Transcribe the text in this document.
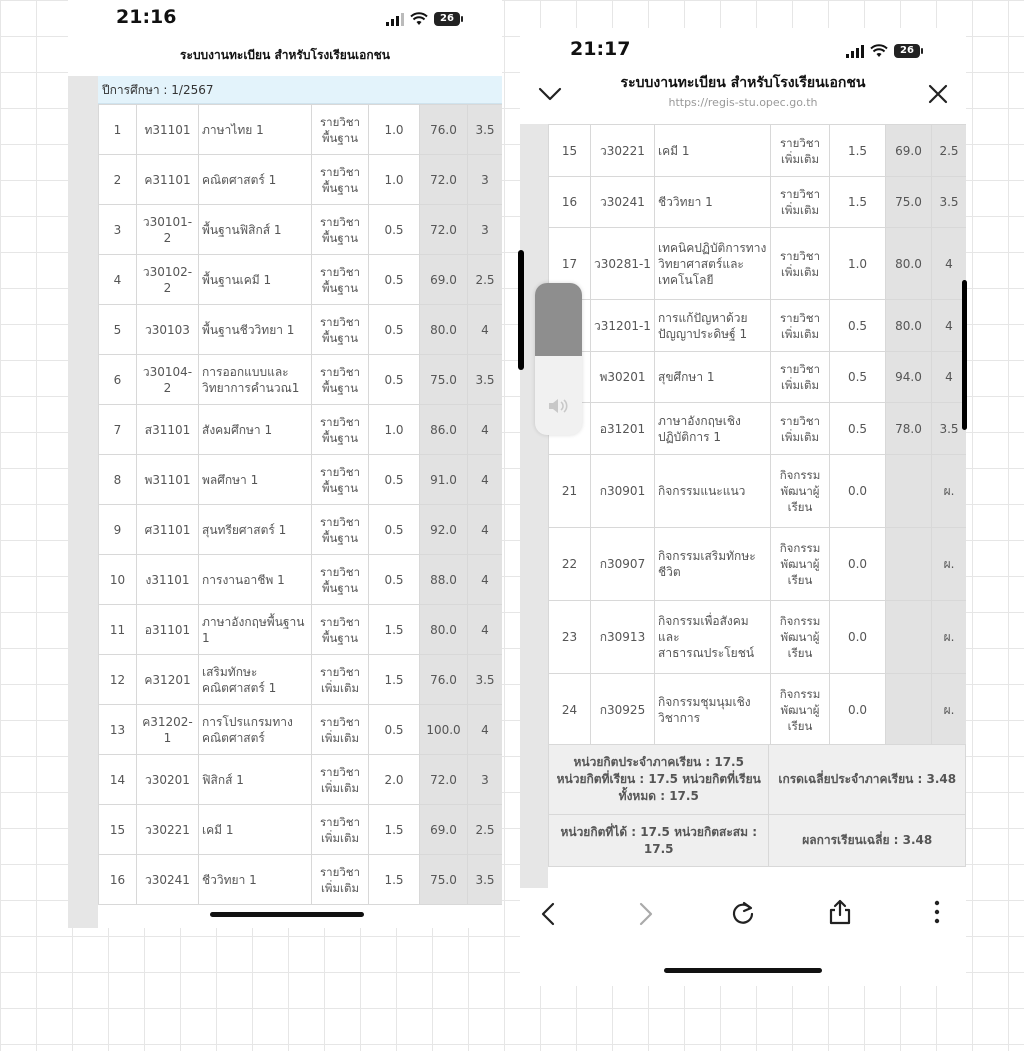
21:16	26
ระบบงานทะเบียน สำหรับโรงเรียนเอกชน
ปีการศึกษา : 1/2567
1	ท31101	ภาษาไทย 1	รายวิชาพื้นฐาน	1.0	76.0	3.5
2	ค31101	คณิตศาสตร์ 1	รายวิชาพื้นฐาน	1.0	72.0	3
3	ว30101-2	พื้นฐานฟิสิกส์ 1	รายวิชาพื้นฐาน	0.5	72.0	3
4	ว30102-2	พื้นฐานเคมี 1	รายวิชาพื้นฐาน	0.5	69.0	2.5
5	ว30103	พื้นฐานชีววิทยา 1	รายวิชาพื้นฐาน	0.5	80.0	4
6	ว30104-2	การออกแบบและวิทยาการคำนวณ1	รายวิชาพื้นฐาน	0.5	75.0	3.5
7	ส31101	สังคมศึกษา 1	รายวิชาพื้นฐาน	1.0	86.0	4
8	พ31101	พลศึกษา 1	รายวิชาพื้นฐาน	0.5	91.0	4
9	ศ31101	สุนทรียศาสตร์ 1	รายวิชาพื้นฐาน	0.5	92.0	4
10	ง31101	การงานอาชีพ 1	รายวิชาพื้นฐาน	0.5	88.0	4
11	อ31101	ภาษาอังกฤษพื้นฐาน 1	รายวิชาพื้นฐาน	1.5	80.0	4
12	ค31201	เสริมทักษะคณิตศาสตร์ 1	รายวิชาเพิ่มเติม	1.5	76.0	3.5
13	ค31202-1	การโปรแกรมทางคณิตศาสตร์	รายวิชาเพิ่มเติม	0.5	100.0	4
14	ว30201	ฟิสิกส์ 1	รายวิชาเพิ่มเติม	2.0	72.0	3
15	ว30221	เคมี 1	รายวิชาเพิ่มเติม	1.5	69.0	2.5
16	ว30241	ชีววิทยา 1	รายวิชาเพิ่มเติม	1.5	75.0	3.5
21:17	26
ระบบงานทะเบียน สำหรับโรงเรียนเอกชน
https://regis-stu.opec.go.th
15	ว30221	เคมี 1	รายวิชาเพิ่มเติม	1.5	69.0	2.5
16	ว30241	ชีววิทยา 1	รายวิชาเพิ่มเติม	1.5	75.0	3.5
17	ว30281-1	เทคนิคปฏิบัติการทางวิทยาศาสตร์และเทคโนโลยี	รายวิชาเพิ่มเติม	1.0	80.0	4
	ว31201-1	การแก้ปัญหาด้วยปัญญาประดิษฐ์ 1	รายวิชาเพิ่มเติม	0.5	80.0	4
	พ30201	สุขศึกษา 1	รายวิชาเพิ่มเติม	0.5	94.0	4
	อ31201	ภาษาอังกฤษเชิงปฏิบัติการ 1	รายวิชาเพิ่มเติม	0.5	78.0	3.5
21	ก30901	กิจกรรมแนะแนว	กิจกรรมพัฒนาผู้เรียน	0.0		ผ.
22	ก30907	กิจกรรมเสริมทักษะชีวิต	กิจกรรมพัฒนาผู้เรียน	0.0		ผ.
23	ก30913	กิจกรรมเพื่อสังคมและสาธารณประโยชน์	กิจกรรมพัฒนาผู้เรียน	0.0		ผ.
24	ก30925	กิจกรรมชุมนุมเชิงวิชาการ	กิจกรรมพัฒนาผู้เรียน	0.0		ผ.
หน่วยกิตประจำภาคเรียน : 17.5 หน่วยกิตที่เรียน : 17.5 หน่วยกิตที่เรียนทั้งหมด : 17.5	เกรดเฉลี่ยประจำภาคเรียน : 3.48
หน่วยกิตที่ได้ : 17.5 หน่วยกิตสะสม : 17.5	ผลการเรียนเฉลี่ย : 3.48
